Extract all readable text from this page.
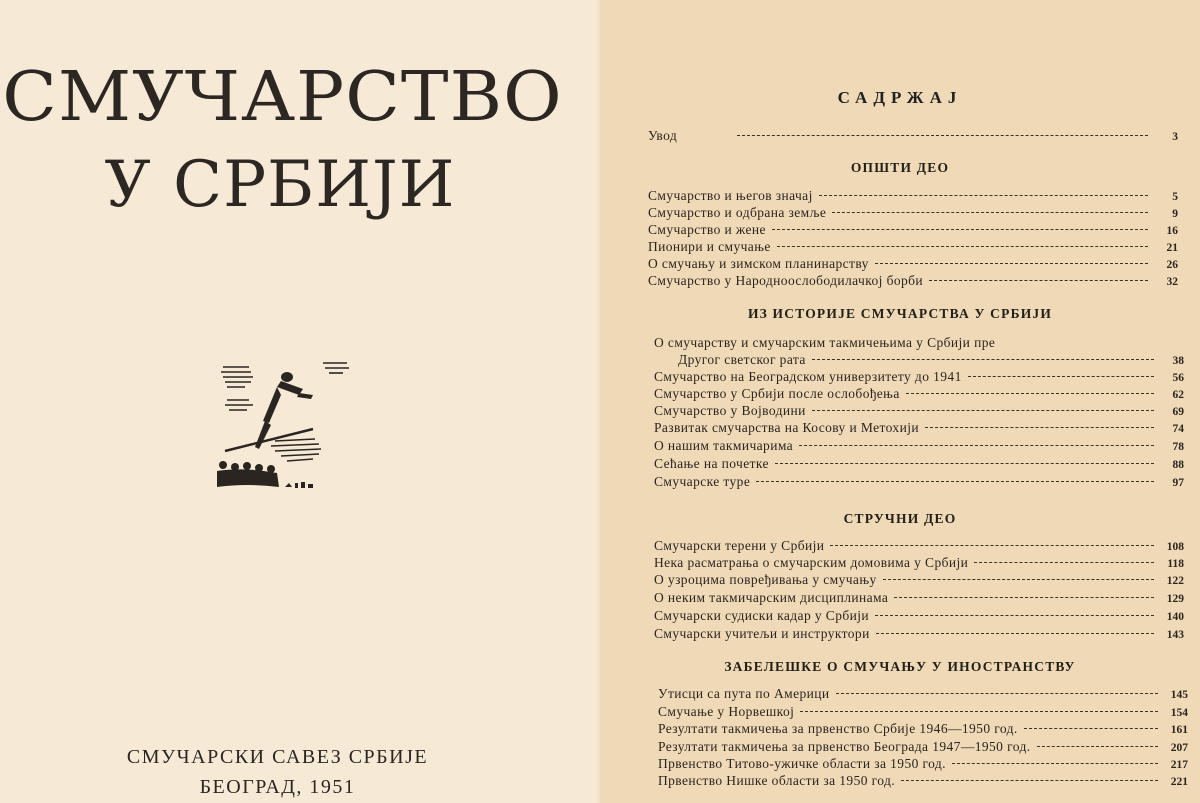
СМУЧАРСТВО
У СРБИЈИ
СМУЧАРСКИ САВЕЗ СРБИЈЕ
БЕОГРАД, 1951
САДРЖАЈ
Увод	3
ОПШТИ ДЕО
Смучарство и његов значај	5
Смучарство и одбрана земље	9
Смучарство и жене	16
Пионири и смучање	21
О смучању и зимском планинарству	26
Смучарство у Народноослободилачкој борби	32
ИЗ ИСТОРИЈЕ СМУЧАРСТВА У СРБИЈИ
О смучарству и смучарским такмичењима у Србији пре
Другог светског рата	38
Смучарство на Београдском универзитету до 1941	56
Смучарство у Србији после ослобођења	62
Смучарство у Војводини	69
Развитак смучарства на Косову и Метохији	74
О нашим такмичарима	78
Сећање на почетке	88
Смучарске туре	97
СТРУЧНИ ДЕО
Смучарски терени у Србији	108
Нека расматрања о смучарским домовима у Србији	118
О узроцима повређивања у смучању	122
О неким такмичарским дисциплинама	129
Смучарски судиски кадар у Србији	140
Смучарски учитељи и инструктори	143
ЗАБЕЛЕШКЕ О СМУЧАЊУ У ИНОСТРАНСТВУ
Утисци са пута по Америци	145
Смучање у Норвешкој	154
Резултати такмичења за првенство Србије 1946—1950 год.	161
Резултати такмичења за првенство Београда 1947—1950 год.	207
Првенство Титово-ужичке области за 1950 год.	217
Првенство Нишке области за 1950 год.	221
